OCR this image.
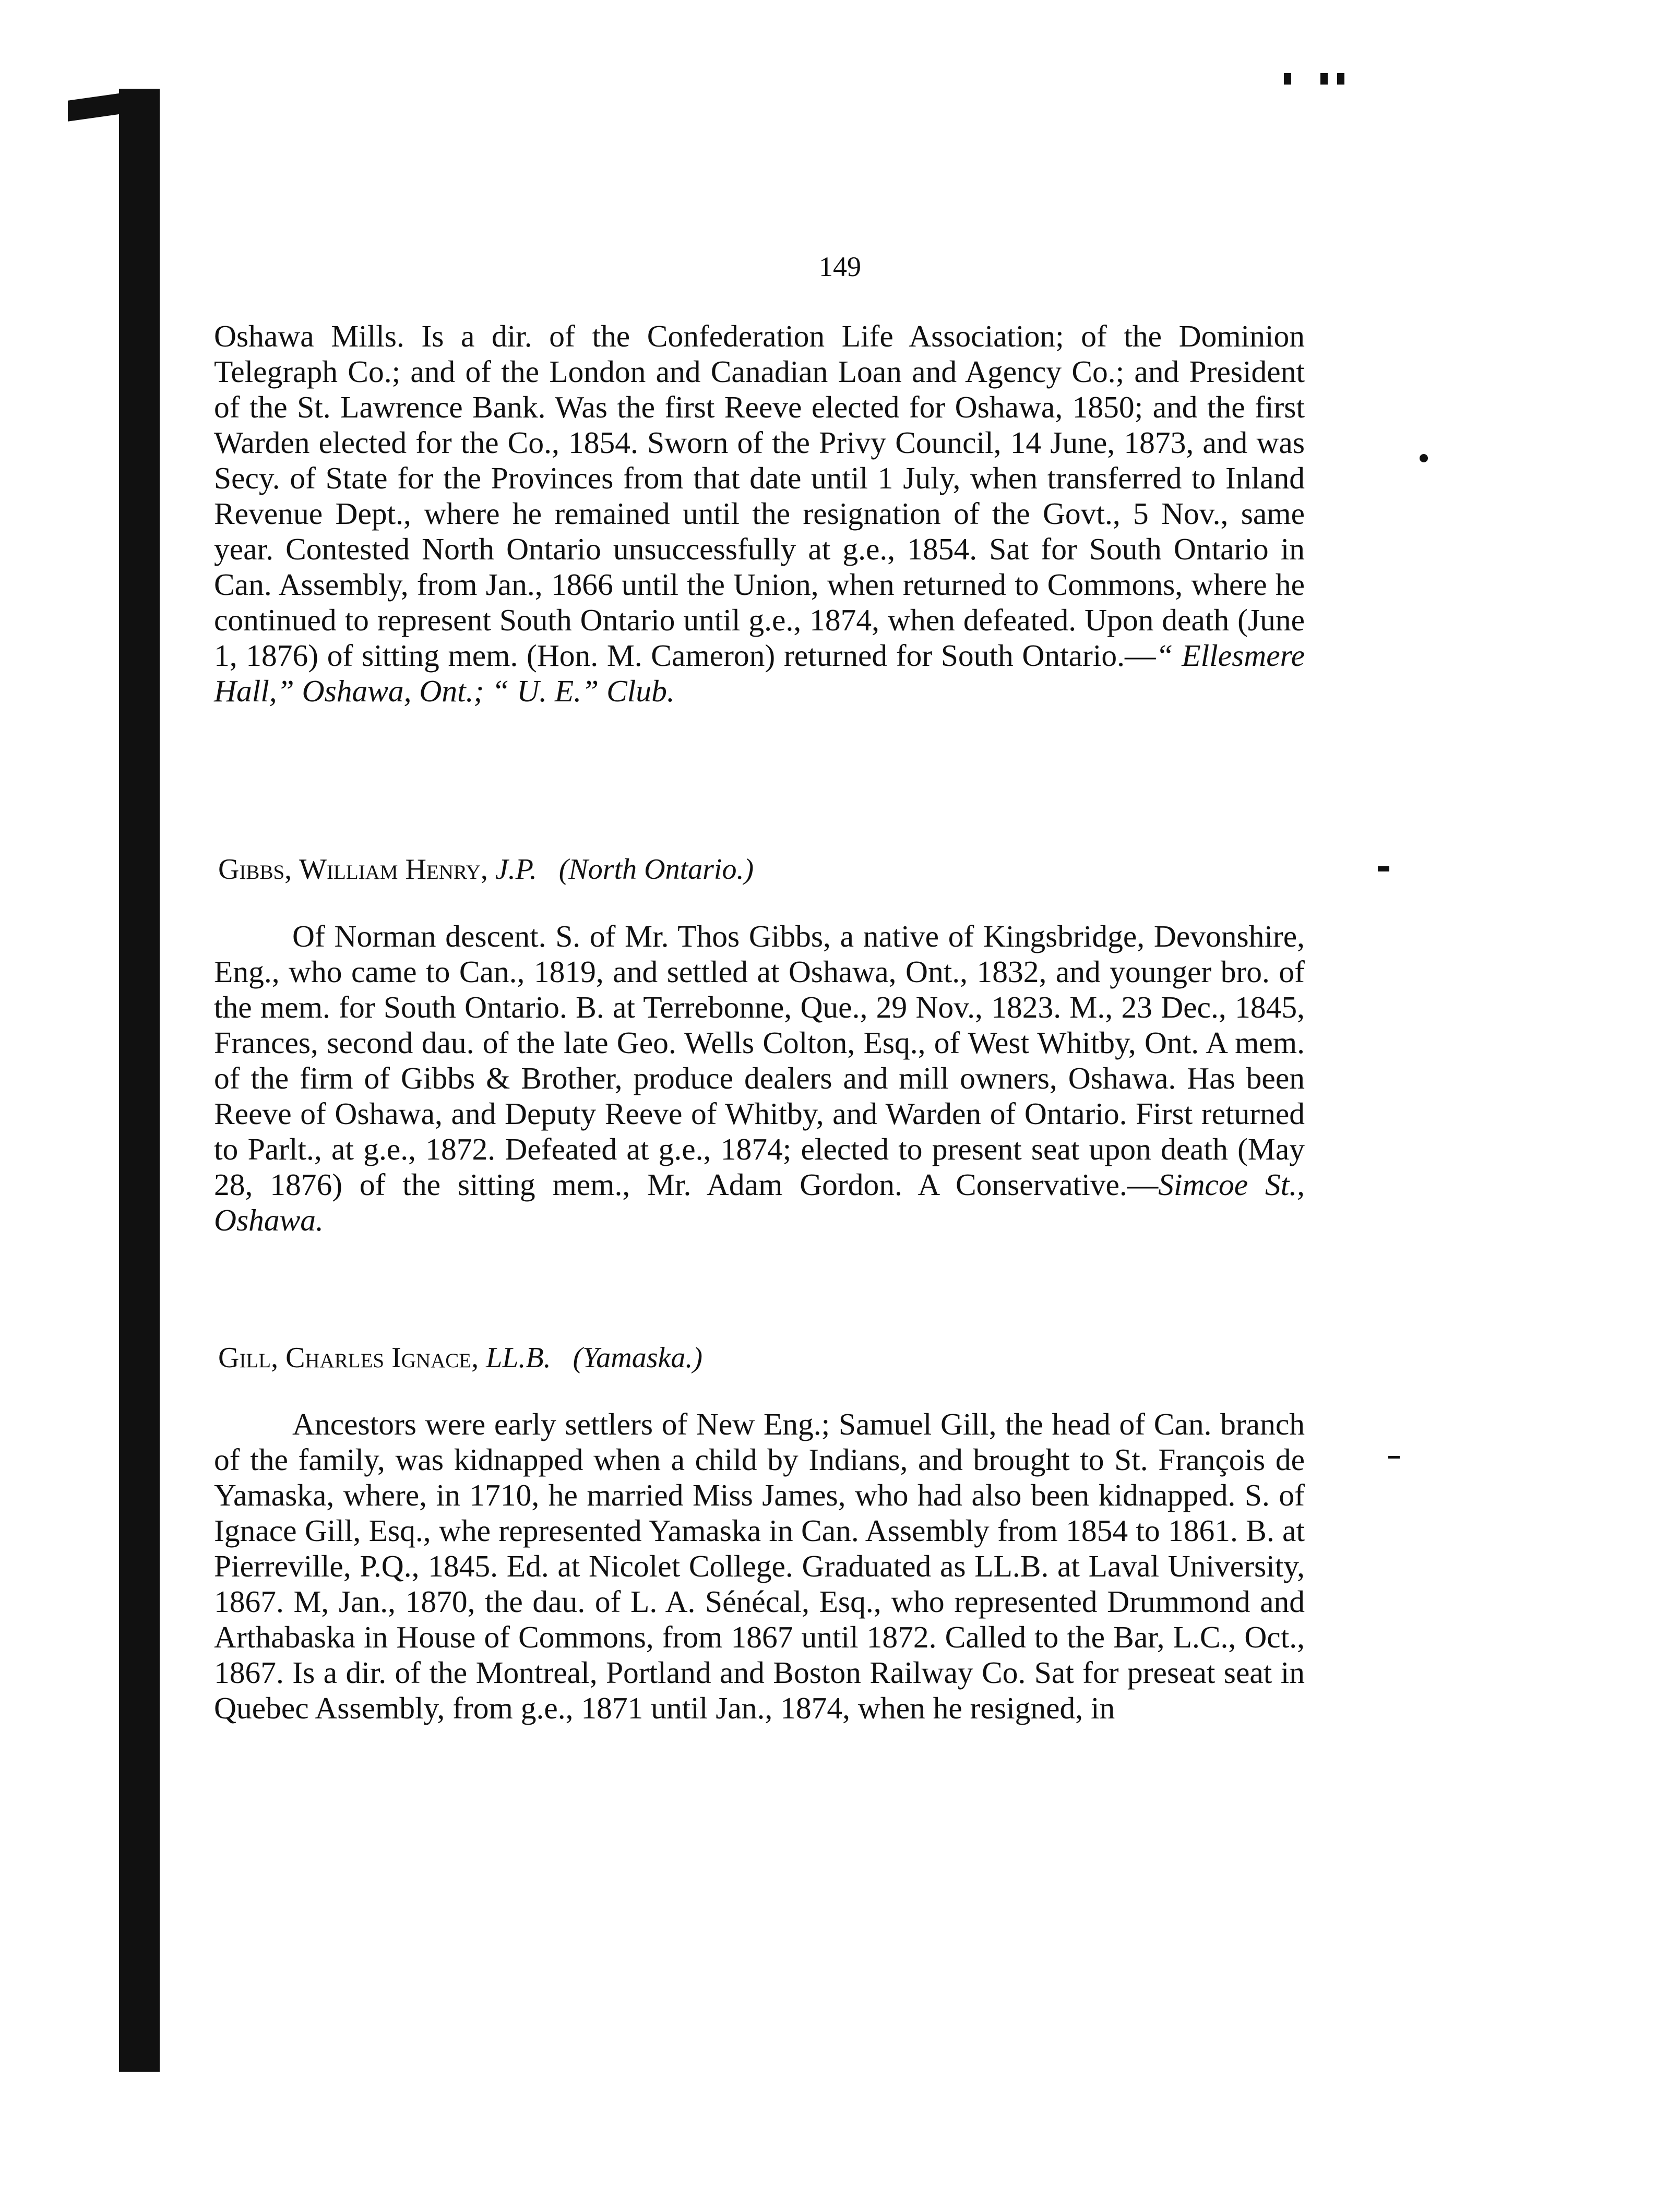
149

Oshawa Mills. Is a dir. of the Confederation Life Association; of the Dominion Telegraph Co.; and of the London and Canadian Loan and Agency Co.; and President of the St. Lawrence Bank. Was the first Reeve elected for Oshawa, 1850; and the first Warden elected for the Co., 1854. Sworn of the Privy Council, 14 June, 1873, and was Secy. of State for the Provinces from that date until 1 July, when transferred to Inland Revenue Dept., where he remained until the resignation of the Govt., 5 Nov., same year. Contested North Ontario unsuccessfully at g.e., 1854. Sat for South Ontario in Can. Assembly, from Jan., 1866 until the Union, when returned to Commons, where he continued to represent South Ontario until g.e., 1874, when defeated. Upon death (June 1, 1876) of sitting mem. (Hon. M. Cameron) returned for South Ontario.—“ Ellesmere Hall,” Oshawa, Ont.; “ U. E.” Club.

Gibbs, William Henry, J.P. (North Ontario.)

Of Norman descent. S. of Mr. Thos Gibbs, a native of Kingsbridge, Devonshire, Eng., who came to Can., 1819, and settled at Oshawa, Ont., 1832, and younger bro. of the mem. for South Ontario. B. at Terrebonne, Que., 29 Nov., 1823. M., 23 Dec., 1845, Frances, second dau. of the late Geo. Wells Colton, Esq., of West Whitby, Ont. A mem. of the firm of Gibbs & Brother, produce dealers and mill owners, Oshawa. Has been Reeve of Oshawa, and Deputy Reeve of Whitby, and Warden of Ontario. First returned to Parlt., at g.e., 1872. Defeated at g.e., 1874; elected to present seat upon death (May 28, 1876) of the sitting mem., Mr. Adam Gordon. A Conservative.—Simcoe St., Oshawa.

Gill, Charles Ignace, LL.B. (Yamaska.)

Ancestors were early settlers of New Eng.; Samuel Gill, the head of Can. branch of the family, was kidnapped when a child by Indians, and brought to St. François de Yamaska, where, in 1710, he married Miss James, who had also been kidnapped. S. of Ignace Gill, Esq., whe represented Yamaska in Can. Assembly from 1854 to 1861. B. at Pierreville, P.Q., 1845. Ed. at Nicolet College. Graduated as LL.B. at Laval University, 1867. M, Jan., 1870, the dau. of L. A. Sénécal, Esq., who represented Drummond and Arthabaska in House of Commons, from 1867 until 1872. Called to the Bar, L.C., Oct., 1867. Is a dir. of the Montreal, Portland and Boston Railway Co. Sat for preseat seat in Quebec Assembly, from g.e., 1871 until Jan., 1874, when he resigned, in
